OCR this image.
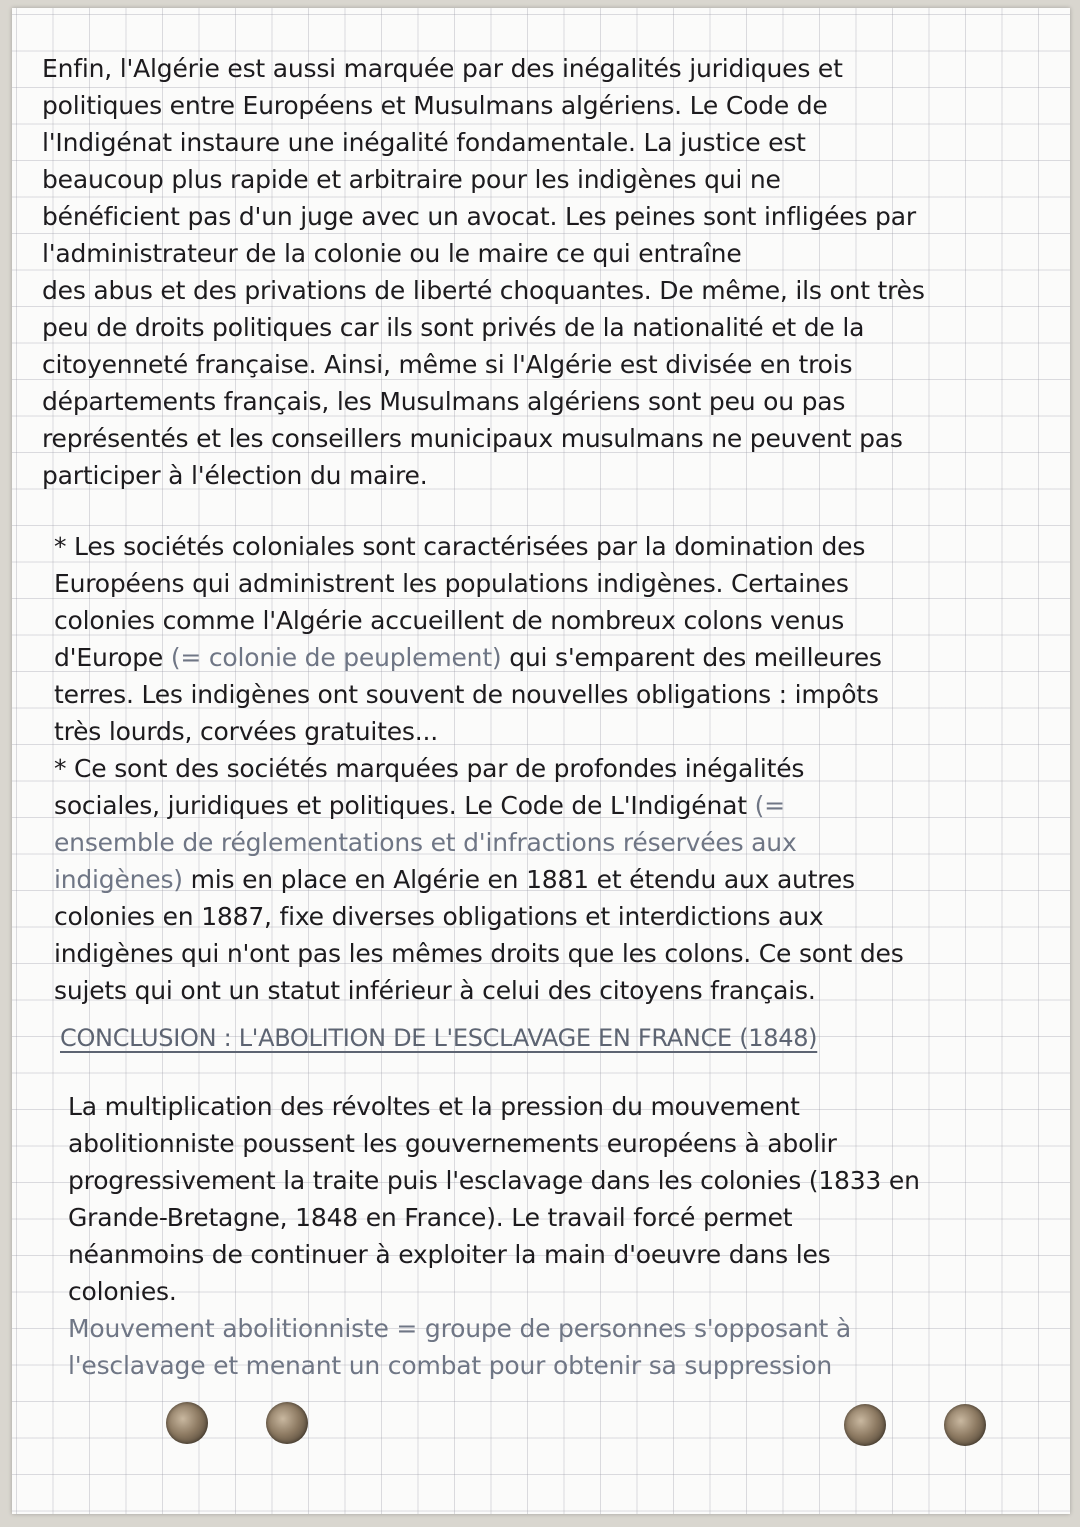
Enfin, l'Algérie est aussi marquée par des inégalités juridiques et
politiques entre Européens et Musulmans algériens. Le Code de
l'Indigénat instaure une inégalité fondamentale. La justice est
beaucoup plus rapide et arbitraire pour les indigènes qui ne
bénéficient pas d'un juge avec un avocat. Les peines sont infligées par
l'administrateur de la colonie ou le maire ce qui entraîne
des abus et des privations de liberté choquantes. De même, ils ont très
peu de droits politiques car ils sont privés de la nationalité et de la
citoyenneté française. Ainsi, même si l'Algérie est divisée en trois
départements français, les Musulmans algériens sont peu ou pas
représentés et les conseillers municipaux musulmans ne peuvent pas
participer à l'élection du maire.
* Les sociétés coloniales sont caractérisées par la domination des
Européens qui administrent les populations indigènes. Certaines
colonies comme l'Algérie accueillent de nombreux colons venus
d'Europe (= colonie de peuplement) qui s'emparent des meilleures
terres. Les indigènes ont souvent de nouvelles obligations : impôts
très lourds, corvées gratuites...
* Ce sont des sociétés marquées par de profondes inégalités
sociales, juridiques et politiques. Le Code de L'Indigénat (=
ensemble de réglementations et d'infractions réservées aux
indigènes) mis en place en Algérie en 1881 et étendu aux autres
colonies en 1887, fixe diverses obligations et interdictions aux
indigènes qui n'ont pas les mêmes droits que les colons. Ce sont des
sujets qui ont un statut inférieur à celui des citoyens français.
CONCLUSION : L'ABOLITION DE L'ESCLAVAGE EN FRANCE (1848)
La multiplication des révoltes et la pression du mouvement
abolitionniste poussent les gouvernements européens à abolir
progressivement la traite puis l'esclavage dans les colonies (1833 en
Grande-Bretagne, 1848 en France). Le travail forcé permet
néanmoins de continuer à exploiter la main d'oeuvre dans les
colonies.
Mouvement abolitionniste = groupe de personnes s'opposant à
l'esclavage et menant un combat pour obtenir sa suppression
